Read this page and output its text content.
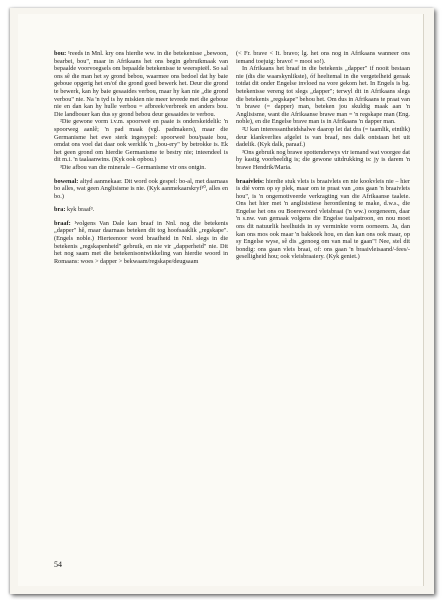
bou: ¹reeds in Mnl. kry ons hierdie ww. in die betekenisse „bewoon, bearbei, bou", maar in Afrikaans het ons begin gebruikmaak van bepaalde voorvoegsels om bepaalde betekenisse te weerspieël. So sal ons sê die man het sy grond bebou, waarmee ons bedoel dat hy baie geboue opgerig het en/of die grond goed bewerk het. Deur die grond te bewerk, kan hy baie gesaaides verbou, maar hy kan nie „die grond verbou" nie. Na 'n tyd is hy miskien nie meer tevrede met die geboue nie en dan kan hy hulle verbou = afbreek/verbreek en anders bou. Die landbouer kan dus sy grond bebou deur gesaaides te verbou.

²Die gewone vorm i.v.m. spoorweë en paaie is onderskeidelik: 'n spoorweg aanlê; 'n pad maak (vgl. padmakers), maar die Germanisme het ewe sterk ingesypel: spoorweë bou/paaie bou, omdat ons voel dat daar ook werklik 'n „bou-ery" by betrokke is. Ek het geen grond om hierdie Germanisme te bestry nie; inteendeel is dit m.i. 'n taalaanwins. (Kyk ook opbou.)

³Die afbou van die minerale – Germanisme vir ons ontgin.

bowenal: altyd aanmekaar. Dit word ook gespel: bo-al, met daarnaas bo alles, wat geen Anglisisme is nie. (Kyk aanmekaarskryf¹⁰, alles en bo.)

bra: kyk braaf³.

braaf: ¹volgens Van Dale kan braaf in Nnl. nog die betekenis „dapper" hê, maar daarnaas beteken dit tog hoofsaaklik „regskape". (Engels noble.) Hierteenoor word braafheid in Nnl. slegs in die betekenis „regskapenheid" gebruik, en nie vir „dapperheid" nie. Dit het nog saam met die betekenisontwikkeling van hierdie woord in Romaans: woes > dapper > bekwaam/regskape/deugsaam

(< Fr. brave < It. bravo; lg. het ons nog in Afrikaans wanneer ons iemand toejuig: bravo! = mooi so!).

In Afrikaans het braaf in die betekenis „dapper" if nooit bestaan nie (dis die waarskynlikste), óf heeltemal in die vergetelheid geraak totdat dit onder Engelse invloed na vore gekom het. In Engels is bg. betekenisse vereng tot slegs „dapper"; terwyl dit in Afrikaans slegs die betekenis „regskape" behou het. Om dus in Afrikaans te praat van 'n brawe (= dapper) man, beteken jou skuldig maak aan 'n Anglisisme, want die Afrikaanse brawe man = 'n regskape man (Eng. noble), en die Engelse brave man is in Afrikaans 'n dapper man.

²U kan interessantheidshalwe daarop let dat dra (= taamlik, eintlik) deur klankverlies afgelei is van braaf, nes dalk ontstaan het uit dadelik. (Kyk dalk, paraaf.)

³Ons gebruik nog brawe spottenderwys vir iemand wat voorgee dat hy kastig voorbeeldig is; die gewone uitdrukking is: jy is darem 'n brawe Hendrik/Maria.

braaivleis: hierdie stuk vleis is braaivleis en nie kookvleis nie – hier is dié vorm op sy plek, maar om te praat van „ons gaan 'n braaivleis hou", is 'n ongemotiveerde verkragting van die Afrikaanse taaleie. Ons het hier met 'n anglisistiese herontlening te make, d.w.s., die Engelse het ons ou Boerewoord vleisbraai ('n ww.) oorgeneem, daar 'n s.nw. van gemaak volgens die Engelse taalpatroon, en nou moet ons dit natuurlik heelhuids in sy verminkte vorm oorneem. Ja, dan kan ons mos ook maar 'n bakkoek hou, en dan kan ons ook maar, op sy Engelse wyse, sê dis „genoeg om van mal te gaan"! Nee, stel dit bondig: ons gaan vleis braai, of: ons gaan 'n braaivleisaand/-fees/-geselligheid hou; ook vleisbraaiery. (Kyk geniet.)

54
